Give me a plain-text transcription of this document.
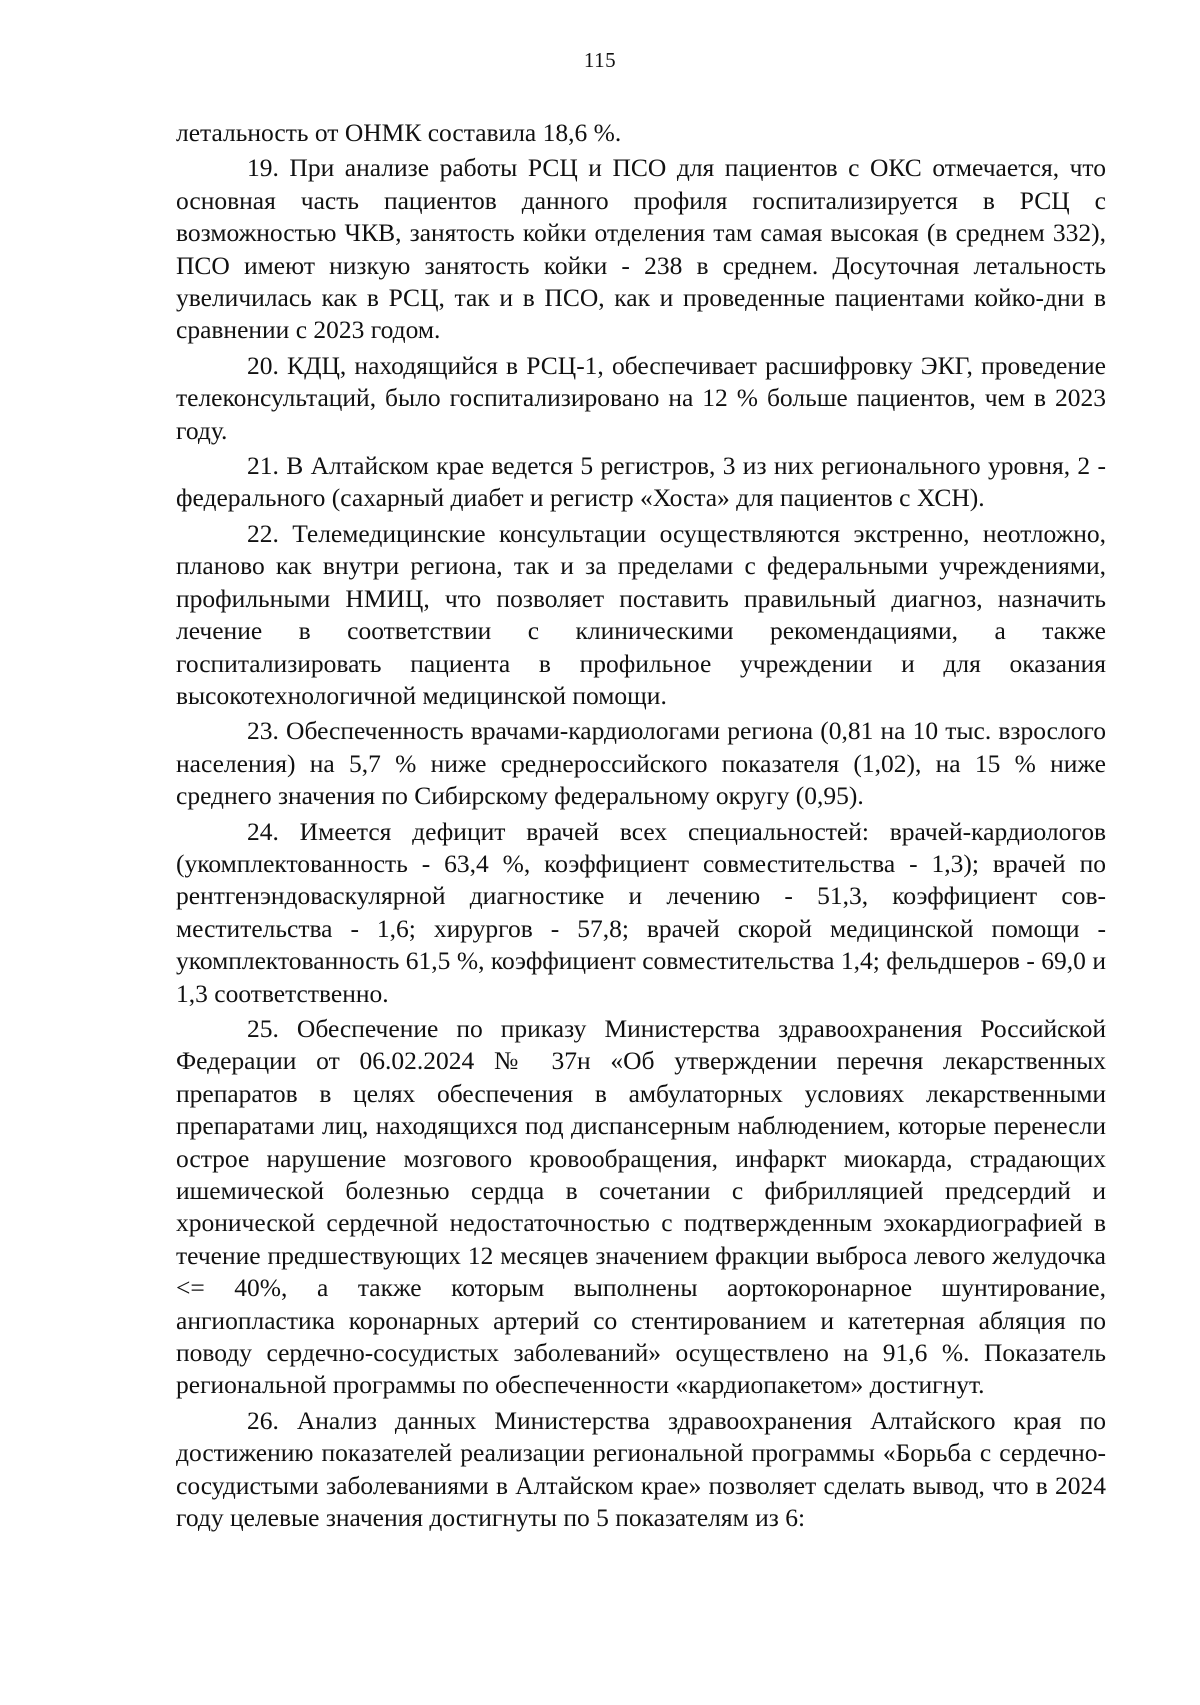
115

летальность от ОНМК составила 18,6 %.

19. При анализе работы РСЦ и ПСО для пациентов с ОКС отмечается, что основная часть пациентов данного профиля госпитализируется в РСЦ с возможностью ЧКВ, занятость койки отделения там самая высокая (в среднем 332), ПСО имеют низкую занятость койки - 238 в среднем. Досуточная летальность увеличилась как в РСЦ, так и в ПСО, как и проведенные пациентами койко-дни в сравнении с 2023 годом.

20. КДЦ, находящийся в РСЦ-1, обеспечивает расшифровку ЭКГ, проведение телеконсультаций, было госпитализировано на 12 % больше пациентов, чем в 2023 году.

21. В Алтайском крае ведется 5 регистров, 3 из них регионального уровня, 2 - федерального (сахарный диабет и регистр «Хоста» для пациентов с ХСН).

22. Телемедицинские консультации осуществляются экстренно, неотложно, планово как внутри региона, так и за пределами с федеральными учреждениями, профильными НМИЦ, что позволяет поставить правильный диагноз, назначить лечение в соответствии с клиническими рекомендациями, а также госпитализировать пациента в профильное учреждении и для оказания высокотехнологичной медицинской помощи.

23. Обеспеченность врачами-кардиологами региона (0,81 на 10 тыс. взрослого населения) на 5,7 % ниже среднероссийского показателя (1,02), на 15 % ниже среднего значения по Сибирскому федеральному округу (0,95).

24. Имеется дефицит врачей всех специальностей: врачей-кардиологов (укомплектованность - 63,4 %, коэффициент совместительства - 1,3); врачей по рентгенэндоваскулярной диагностике и лечению - 51,3, коэффициент совместительства - 1,6; хирургов - 57,8; врачей скорой медицинской помощи - укомплектованность 61,5 %, коэффициент совместительства 1,4; фельдшеров - 69,0 и 1,3 соответственно.

25. Обеспечение по приказу Министерства здравоохранения Российской Федерации от 06.02.2024 № 37н «Об утверждении перечня лекарственных препаратов в целях обеспечения в амбулаторных условиях лекарственными препаратами лиц, находящихся под диспансерным наблюдением, которые перенесли острое нарушение мозгового кровообращения, инфаркт миокарда, страдающих ишемической болезнью сердца в сочетании с фибрилляцией предсердий и хронической сердечной недостаточностью с подтвержденным эхокардиографией в течение предшествующих 12 месяцев значением фракции выброса левого желудочка <= 40%, а также которым выполнены аортокоронарное шунтирование, ангиопластика коронарных артерий со стентированием и катетерная абляция по поводу сердечно-сосудистых заболеваний» осуществлено на 91,6 %. Показатель региональной программы по обеспеченности «кардиопакетом» достигнут.

26. Анализ данных Министерства здравоохранения Алтайского края по достижению показателей реализации региональной программы «Борьба с сердечно-сосудистыми заболеваниями в Алтайском крае» позволяет сделать вывод, что в 2024 году целевые значения достигнуты по 5 показателям из 6:
